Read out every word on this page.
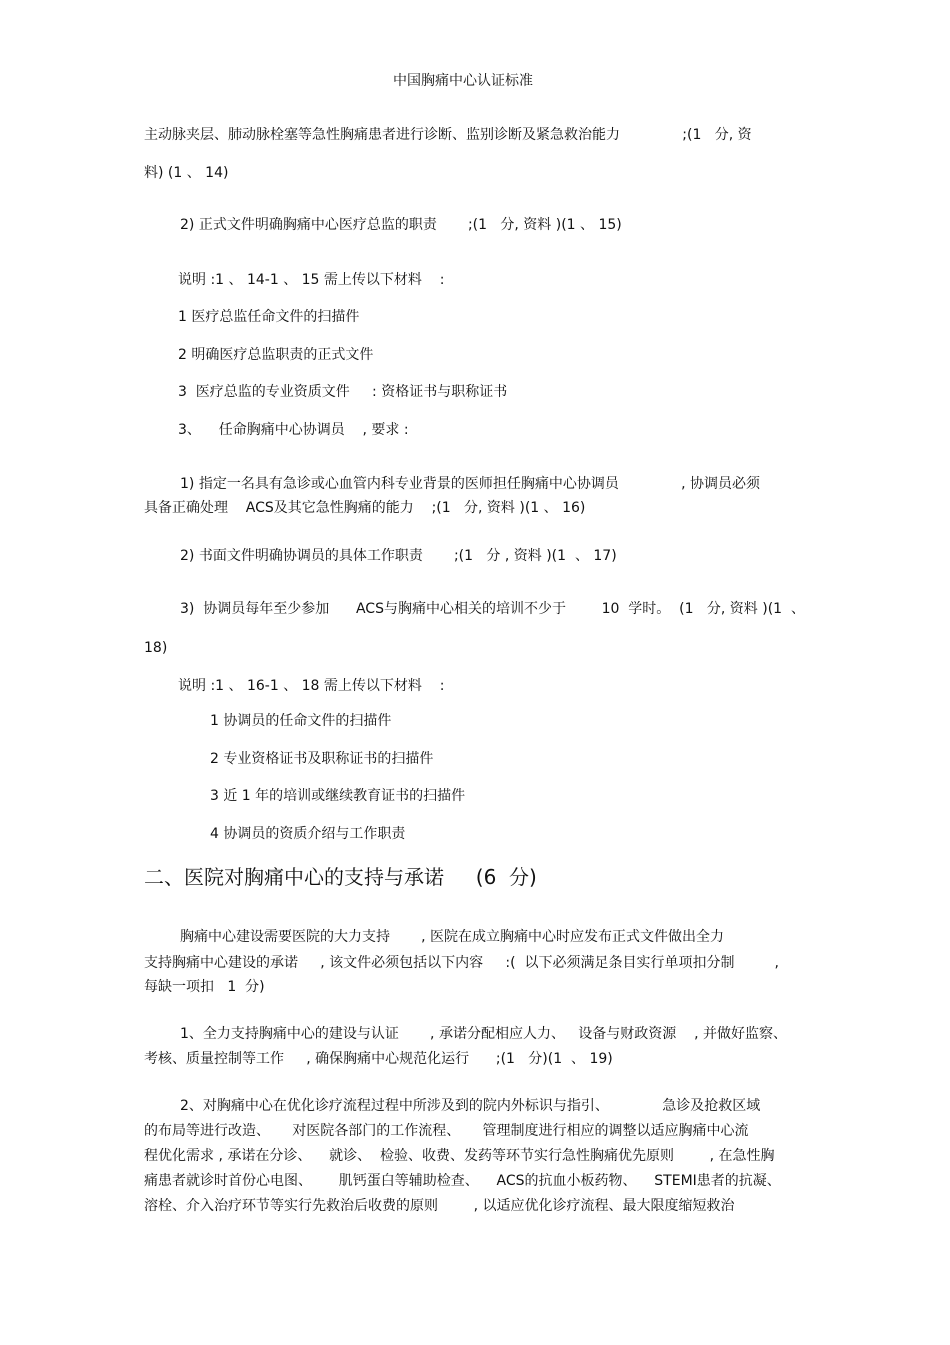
中国胸痛中心认证标准
主动脉夹层、肺动脉栓塞等急性胸痛患者进行诊断、监别诊断及紧急救治能力              ;(1   分, 资
料) (1 、 14)
2) 正式文件明确胸痛中心医疗总监的职责       ;(1   分, 资料 )(1 、 15)
说明 :1 、 14-1 、 15 需上传以下材料    :
1 医疗总监任命文件的扫描件
2 明确医疗总监职责的正式文件
3  医疗总监的专业资质文件     : 资格证书与职称证书
3、    任命胸痛中心协调员    , 要求 :
1) 指定一名具有急诊或心血管内科专业背景的医师担任胸痛中心协调员              , 协调员必须
具备正确处理    ACS及其它急性胸痛的能力    ;(1   分, 资料 )(1 、 16)
2) 书面文件明确协调员的具体工作职责       ;(1   分 , 资料 )(1  、 17)
3)  协调员每年至少参加      ACS与胸痛中心相关的培训不少于        10  学时。  (1   分, 资料 )(1  、
18)
说明 :1 、 16-1 、 18 需上传以下材料    :
1 协调员的任命文件的扫描件
2 专业资格证书及职称证书的扫描件
3 近 1 年的培训或继续教育证书的扫描件
4 协调员的资质介绍与工作职责
二、医院对胸痛中心的支持与承诺     (6  分)
胸痛中心建设需要医院的大力支持       , 医院在成立胸痛中心时应发布正式文件做出全力
支持胸痛中心建设的承诺     , 该文件必须包括以下内容     :(  以下必须满足条目实行单项扣分制         ,
每缺一项扣   1  分)
1、全力支持胸痛中心的建设与认证       , 承诺分配相应人力、   设备与财政资源    , 并做好监察、
考核、质量控制等工作     , 确保胸痛中心规范化运行      ;(1   分)(1  、 19)
2、对胸痛中心在优化诊疗流程过程中所涉及到的院内外标识与指引、            急诊及抢救区域
的布局等进行改造、     对医院各部门的工作流程、     管理制度进行相应的调整以适应胸痛中心流
程优化需求 , 承诺在分诊、    就诊、  检验、收费、发药等环节实行急性胸痛优先原则        , 在急性胸
痛患者就诊时首份心电图、      肌钙蛋白等辅助检查、    ACS的抗血小板药物、    STEMI患者的抗凝、
溶栓、介入治疗环节等实行先救治后收费的原则        , 以适应优化诊疗流程、最大限度缩短救治
